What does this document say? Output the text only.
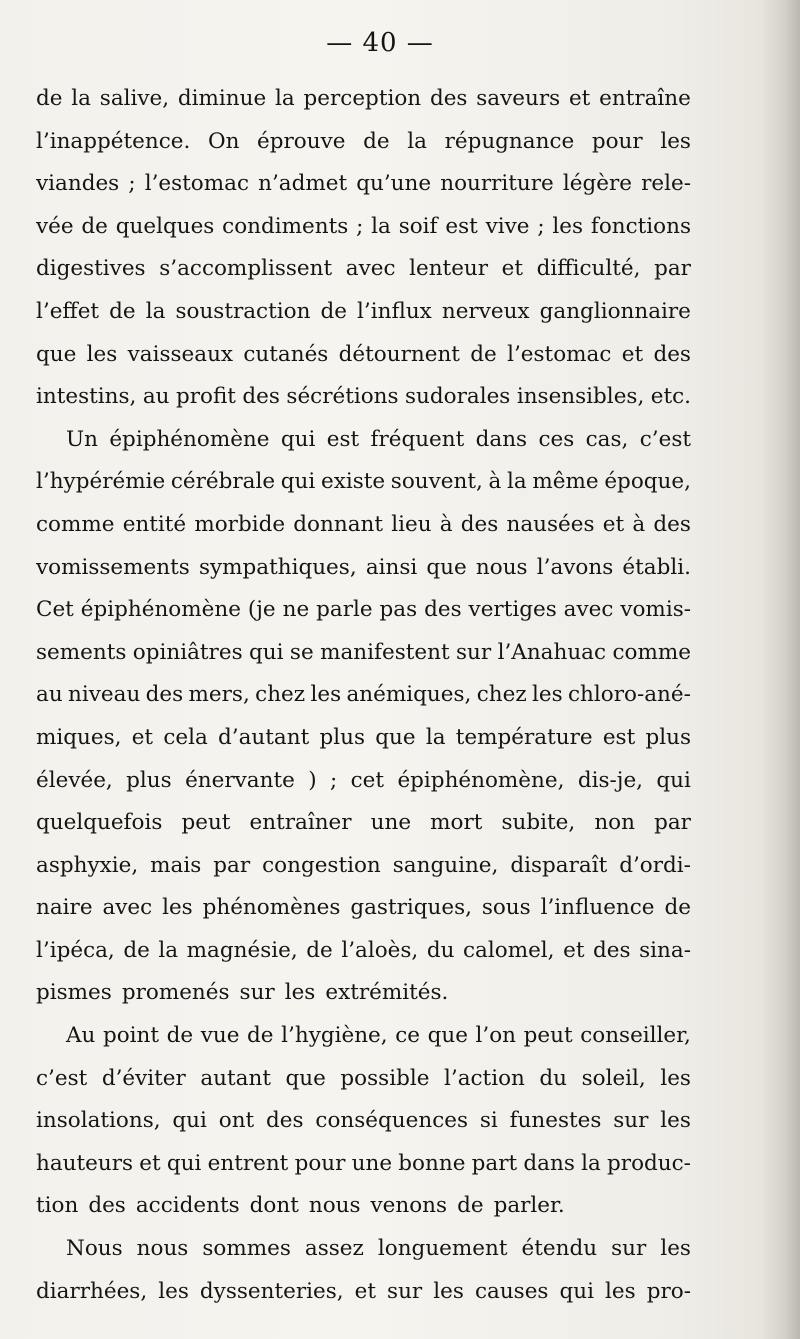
— 40 —
de la salive, diminue la perception des saveurs et entraîne
l’inappétence. On éprouve de la répugnance pour les
viandes ; l’estomac n’admet qu’une nourriture légère rele-
vée de quelques condiments ; la soif est vive ; les fonctions
digestives s’accomplissent avec lenteur et difficulté, par
l’effet de la soustraction de l’influx nerveux ganglionnaire
que les vaisseaux cutanés détournent de l’estomac et des
intestins, au profit des sécrétions sudorales insensibles, etc.
Un épiphénomène qui est fréquent dans ces cas, c’est
l’hypérémie cérébrale qui existe souvent, à la même époque,
comme entité morbide donnant lieu à des nausées et à des
vomissements sympathiques, ainsi que nous l’avons établi.
Cet épiphénomène (je ne parle pas des vertiges avec vomis-
sements opiniâtres qui se manifestent sur l’Anahuac comme
au niveau des mers, chez les anémiques, chez les chloro-ané-
miques, et cela d’autant plus que la température est plus
élevée, plus énervante ) ; cet épiphénomène, dis-je, qui
quelquefois peut entraîner une mort subite, non par
asphyxie, mais par congestion sanguine, disparaît d’ordi-
naire avec les phénomènes gastriques, sous l’influence de
l’ipéca, de la magnésie, de l’aloès, du calomel, et des sina-
pismes promenés sur les extrémités.
Au point de vue de l’hygiène, ce que l’on peut conseiller,
c’est d’éviter autant que possible l’action du soleil, les
insolations, qui ont des conséquences si funestes sur les
hauteurs et qui entrent pour une bonne part dans la produc-
tion des accidents dont nous venons de parler.
Nous nous sommes assez longuement étendu sur les
diarrhées, les dyssenteries, et sur les causes qui les pro-
